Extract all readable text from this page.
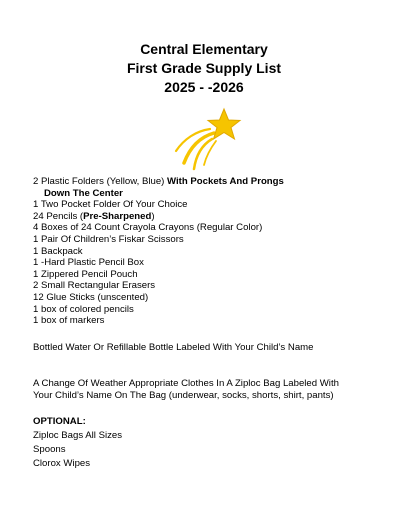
Central Elementary
First Grade Supply List
2025 - -2026
2 Plastic Folders (Yellow, Blue) With Pockets And Prongs
Down The Center
1 Two Pocket Folder Of Your Choice
24 Pencils (Pre-Sharpened)
4 Boxes of 24 Count Crayola Crayons (Regular Color)
1 Pair Of Children’s Fiskar Scissors
1 Backpack
1 -Hard Plastic Pencil Box
1 Zippered Pencil Pouch
2 Small Rectangular Erasers
12 Glue Sticks (unscented)
1 box of colored pencils
1 box of markers
Bottled Water Or Refillable Bottle Labeled With Your Child’s Name
A Change Of Weather Appropriate Clothes In A Ziploc Bag Labeled With
Your Child’s Name On The Bag (underwear, socks, shorts, shirt, pants)
OPTIONAL:
Ziploc Bags All Sizes
Spoons
Clorox Wipes
